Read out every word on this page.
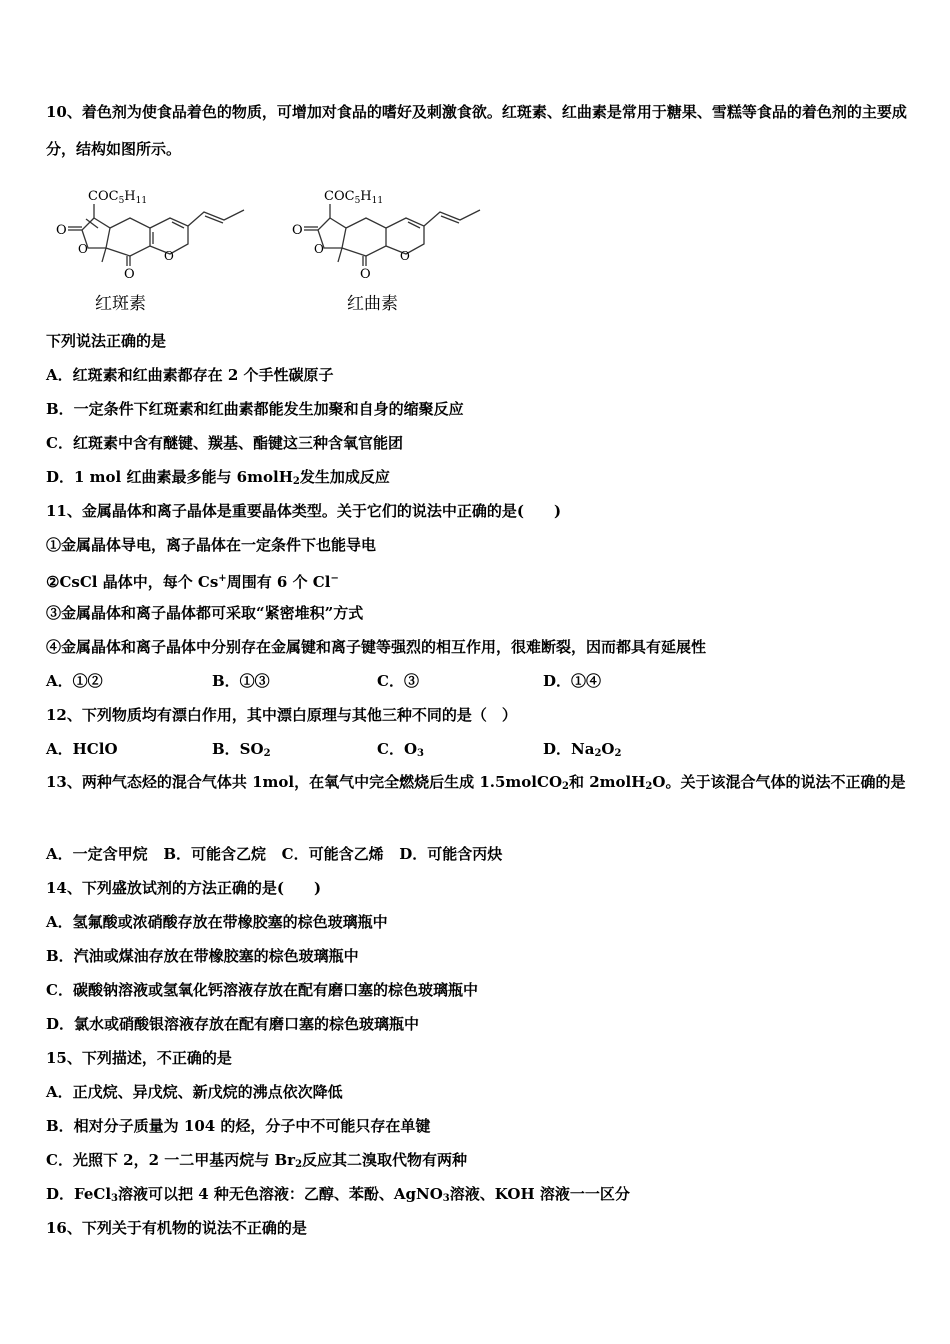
10、着色剂为使食品着色的物质，可增加对食品的嗜好及刺激食欲。红斑素、红曲素是常用于糖果、雪糕等食品的着色剂的主要成分，结构如图所示。
$COC_5H_{11}$
O
O
O
O
红斑素
$COC_5H_{11}$
O
O
O
O
红曲素
下列说法正确的是
A．红斑素和红曲素都存在 2 个手性碳原子
B．一定条件下红斑素和红曲素都能发生加聚和自身的缩聚反应
C．红斑素中含有醚键、羰基、酯键这三种含氧官能团
D．1 mol 红曲素最多能与 6molH$_2$发生加成反应
11、金属晶体和离子晶体是重要晶体类型。关于它们的说法中正确的是(　　)
①金属晶体导电，离子晶体在一定条件下也能导电
②CsCl 晶体中，每个 Cs+周围有 6 个 Cl−
③金属晶体和离子晶体都可采取“紧密堆积”方式
④金属晶体和离子晶体中分别存在金属键和离子键等强烈的相互作用，很难断裂，因而都具有延展性
A．①②	B．①③	C．③	D．①④
12、下列物质均有漂白作用，其中漂白原理与其他三种不同的是（　）
A．HClO	B．$SO_2$	C．$O_3$	D．$Na_2O_2$
13、两种气态烃的混合气体共 1mol，在氧气中完全燃烧后生成 1.5molCO$_2$和 2molH$_2$O。关于该混合气体的说法不正确的是
A．一定含甲烷 B．可能含乙烷 C．可能含乙烯 D．可能含丙炔
14、下列盛放试剂的方法正确的是(　　)
A．氢氟酸或浓硝酸存放在带橡胶塞的棕色玻璃瓶中
B．汽油或煤油存放在带橡胶塞的棕色玻璃瓶中
C．碳酸钠溶液或氢氧化钙溶液存放在配有磨口塞的棕色玻璃瓶中
D．氯水或硝酸银溶液存放在配有磨口塞的棕色玻璃瓶中
15、下列描述，不正确的是
A．正戊烷、异戊烷、新戊烷的沸点依次降低
B．相对分子质量为 104 的烃，分子中不可能只存在单键
C．光照下 2，2 一二甲基丙烷与 $Br_2$反应其二溴取代物有两种
D．FeCl$_3$溶液可以把 4 种无色溶液：乙醇、苯酚、AgNO$_3$溶液、KOH 溶液一一区分
16、下列关于有机物的说法不正确的是
